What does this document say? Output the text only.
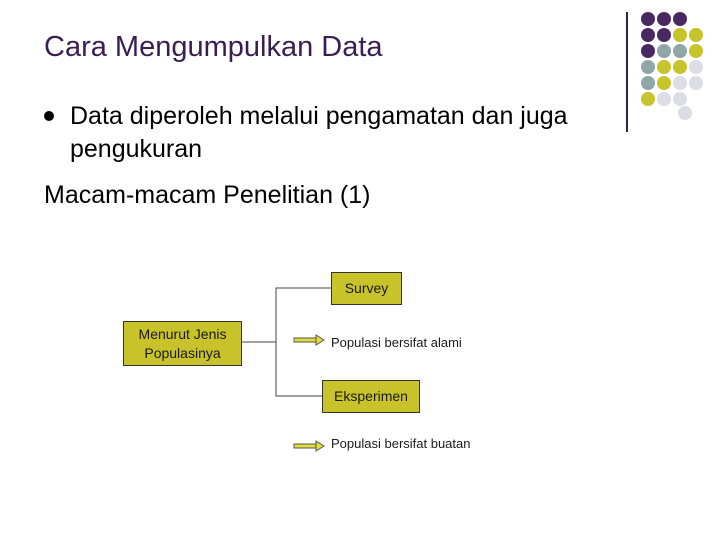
Cara Mengumpulkan Data
Data diperoleh melalui pengamatan dan juga
pengukuran
Macam-macam Penelitian (1)
Menurut Jenis
Populasinya
Survey
Populasi bersifat alami
Eksperimen
Populasi bersifat buatan
